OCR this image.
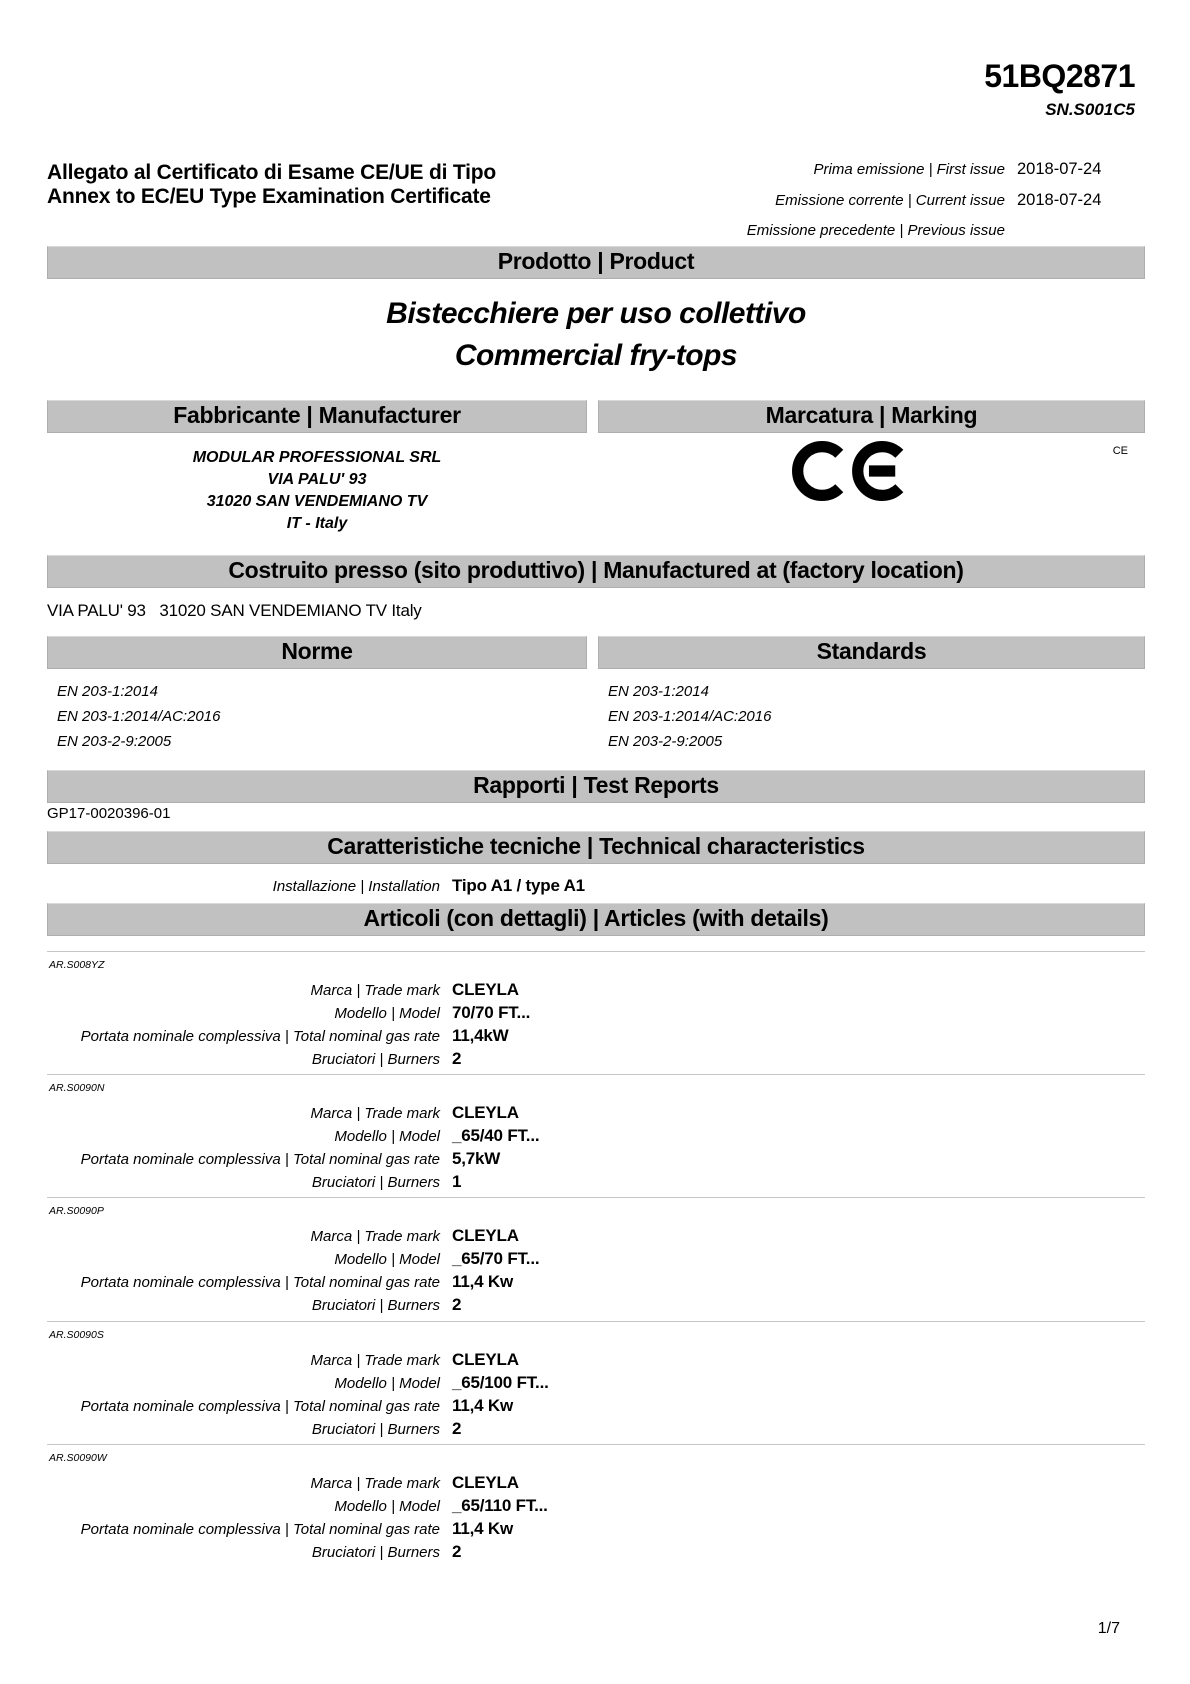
51BQ2871
SN.S001C5
Allegato al Certificato di Esame CE/UE di Tipo
Annex to EC/EU Type Examination Certificate
Prima emissione | First issue 2018-07-24
Emissione corrente | Current issue 2018-07-24
Emissione precedente | Previous issue
Prodotto | Product
Bistecchiere per uso collettivo
Commercial fry-tops
Fabbricante | Manufacturer	Marcatura | Marking
MODULAR PROFESSIONAL SRL
VIA PALU' 93
31020 SAN VENDEMIANO TV
IT - Italy
CE
Costruito presso (sito produttivo) | Manufactured at (factory location)
VIA PALU' 93   31020 SAN VENDEMIANO TV Italy
Norme	Standards
EN 203-1:2014
EN 203-1:2014/AC:2016
EN 203-2-9:2005
EN 203-1:2014
EN 203-1:2014/AC:2016
EN 203-2-9:2005
Rapporti | Test Reports
GP17-0020396-01
Caratteristiche tecniche | Technical characteristics
Installazione | Installation Tipo A1 / type A1
Articoli (con dettagli) | Articles (with details)
AR.S008YZ
Marca | Trade mark CLEYLA
Modello | Model 70/70 FT...
Portata nominale complessiva | Total nominal gas rate 11,4kW
Bruciatori | Burners 2
AR.S0090N
Marca | Trade mark CLEYLA
Modello | Model _65/40 FT...
Portata nominale complessiva | Total nominal gas rate 5,7kW
Bruciatori | Burners 1
AR.S0090P
Marca | Trade mark CLEYLA
Modello | Model _65/70 FT...
Portata nominale complessiva | Total nominal gas rate 11,4 Kw
Bruciatori | Burners 2
AR.S0090S
Marca | Trade mark CLEYLA
Modello | Model _65/100 FT...
Portata nominale complessiva | Total nominal gas rate 11,4 Kw
Bruciatori | Burners 2
AR.S0090W
Marca | Trade mark CLEYLA
Modello | Model _65/110 FT...
Portata nominale complessiva | Total nominal gas rate 11,4 Kw
Bruciatori | Burners 2
1/7
